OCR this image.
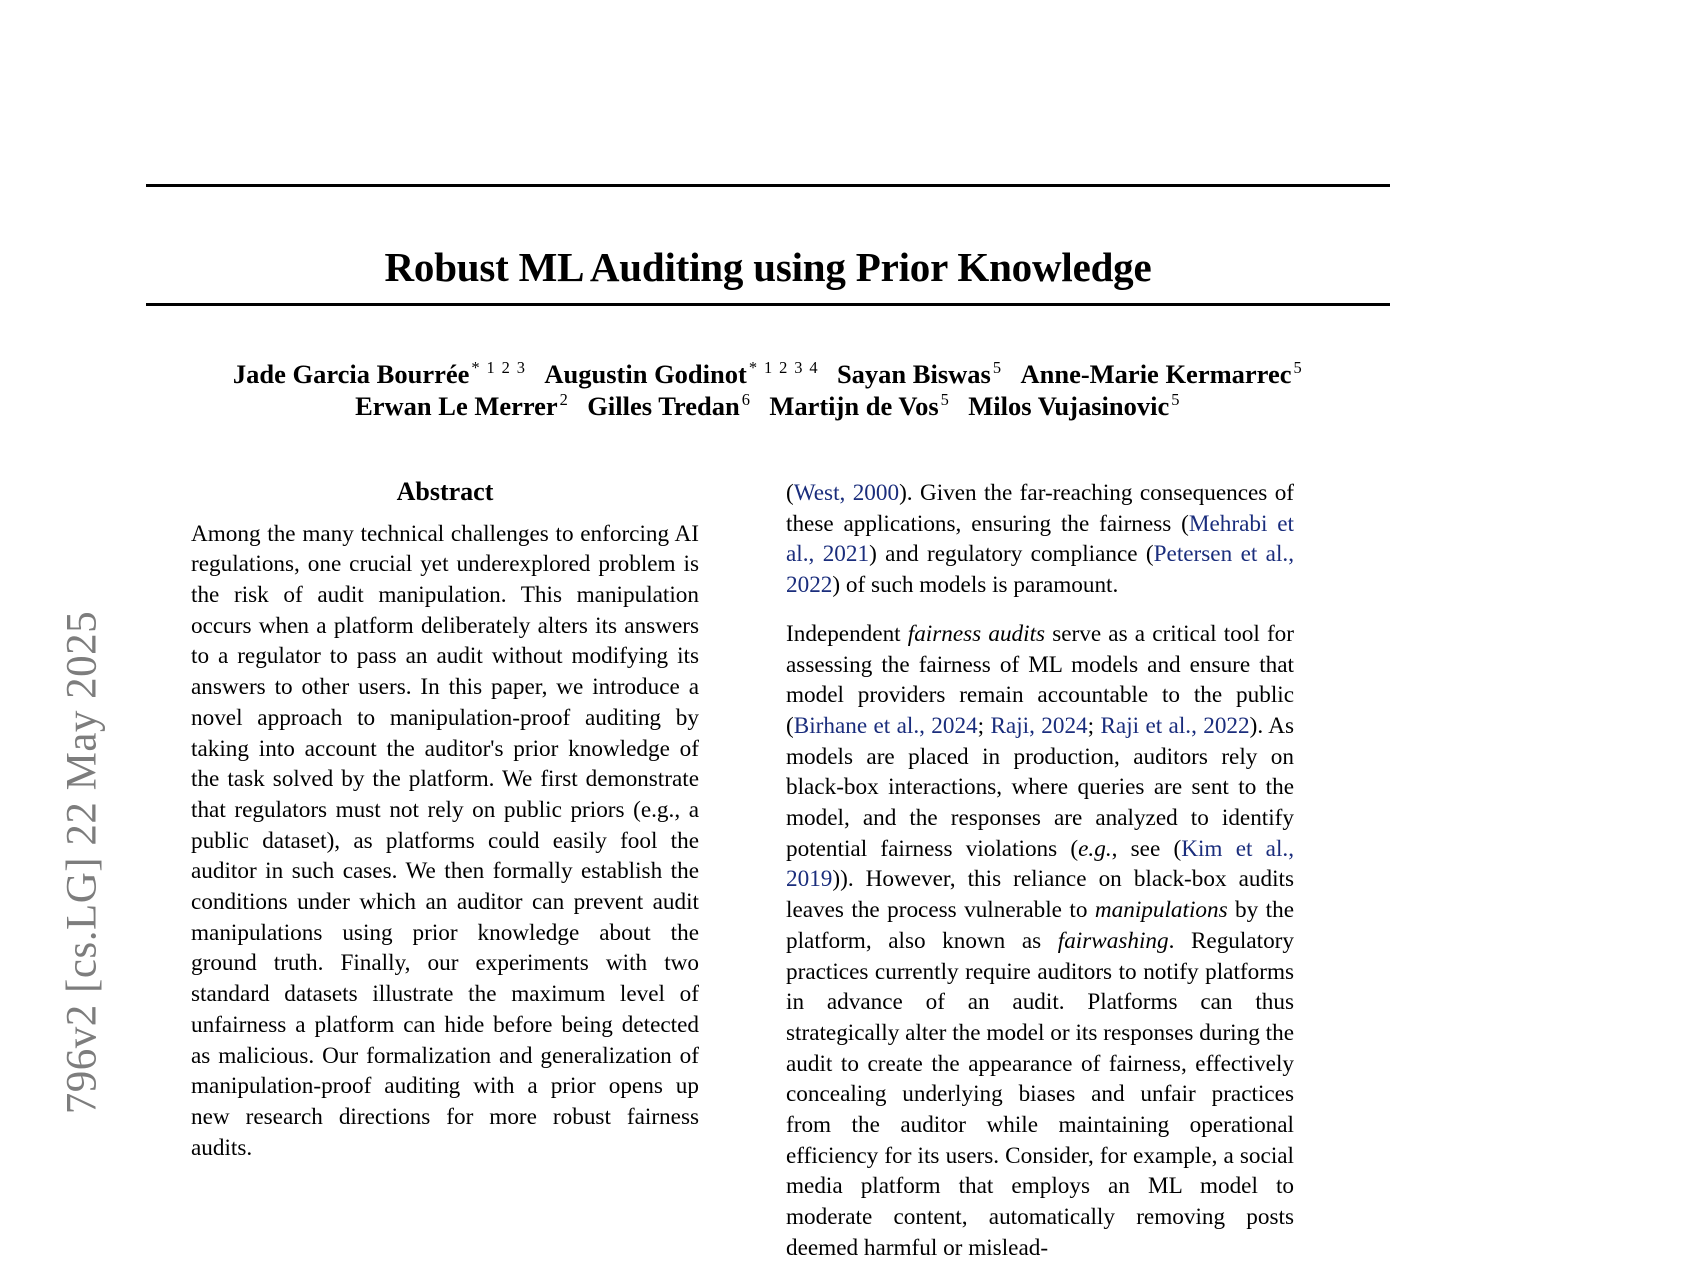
796v2 [cs.LG] 22 May 2025
Robust ML Auditing using Prior Knowledge
Jade Garcia Bourrée $^{* 1 2 3}$ Augustin Godinot $^{* 1 2 3 4}$ Sayan Biswas $^5$ Anne-Marie Kermarrec $^5$
Erwan Le Merrer $^2$ Gilles Tredan $^6$ Martijn de Vos $^5$ Milos Vujasinovic $^5$
Abstract

Among the many technical challenges to enforcing AI regulations, one crucial yet underexplored problem is the risk of audit manipulation. This manipulation occurs when a platform deliberately alters its answers to a regulator to pass an audit without modifying its answers to other users. In this paper, we introduce a novel approach to manipulation-proof auditing by taking into account the auditor's prior knowledge of the task solved by the platform. We first demonstrate that regulators must not rely on public priors (e.g., a public dataset), as platforms could easily fool the auditor in such cases. We then formally establish the conditions under which an auditor can prevent audit manipulations using prior knowledge about the ground truth. Finally, our experiments with two standard datasets illustrate the maximum level of unfairness a platform can hide before being detected as malicious. Our formalization and generalization of manipulation-proof auditing with a prior opens up new research directions for more robust fairness audits.

(West, 2000). Given the far-reaching consequences of these applications, ensuring the fairness (Mehrabi et al., 2021) and regulatory compliance (Petersen et al., 2022) of such models is paramount.

Independent fairness audits serve as a critical tool for assessing the fairness of ML models and ensure that model providers remain accountable to the public (Birhane et al., 2024; Raji, 2024; Raji et al., 2022). As models are placed in production, auditors rely on black-box interactions, where queries are sent to the model, and the responses are analyzed to identify potential fairness violations (e.g., see (Kim et al., 2019)). However, this reliance on black-box audits leaves the process vulnerable to manipulations by the platform, also known as fairwashing. Regulatory practices currently require auditors to notify platforms in advance of an audit. Platforms can thus strategically alter the model or its responses during the audit to create the appearance of fairness, effectively concealing underlying biases and unfair practices from the auditor while maintaining operational efficiency for its users. Consider, for example, a social media platform that employs an ML model to moderate content, automatically removing posts deemed harmful or mislead-
